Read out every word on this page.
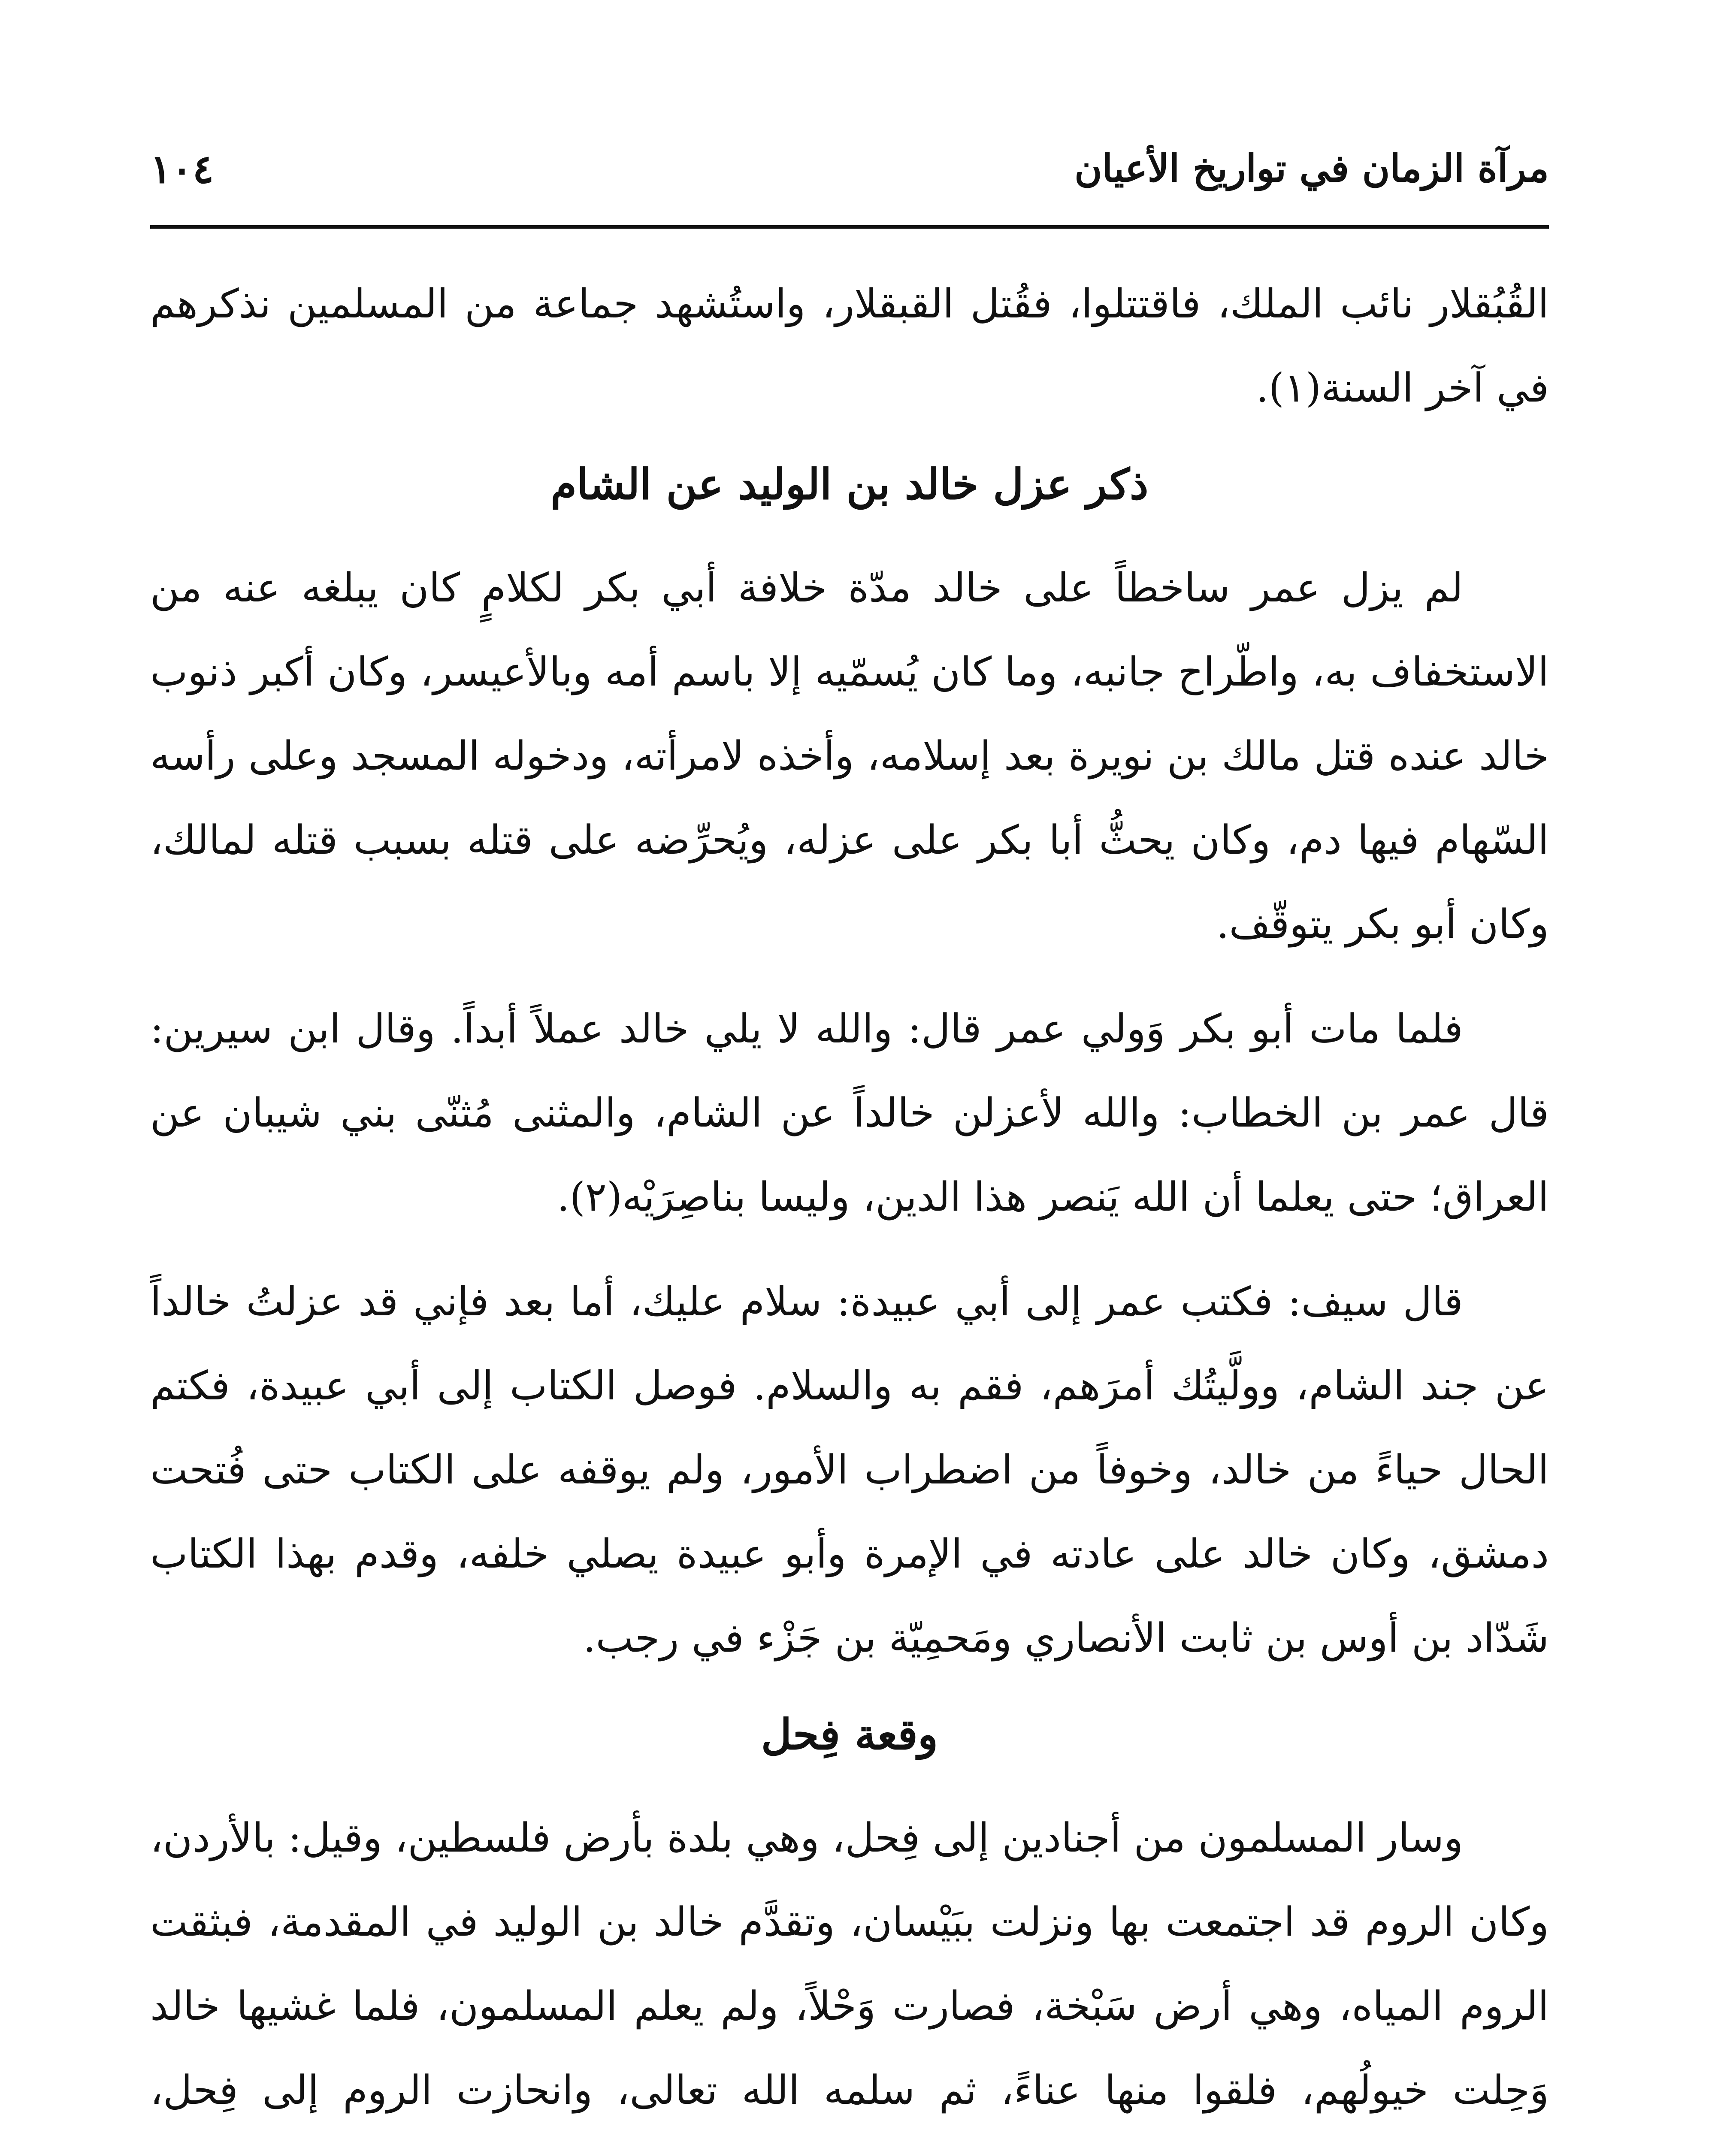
١٠٤	مرآة الزمان في تواريخ الأعيان

القُبُقلار نائب الملك، فاقتتلوا، فقُتل القبقلار، واستُشهد جماعة من المسلمين نذكرهم في آخر السنة(١).

ذكر عزل خالد بن الوليد عن الشام

لم يزل عمر ساخطاً على خالد مدّة خلافة أبي بكر لكلامٍ كان يبلغه عنه من الاستخفاف به، واطّراح جانبه، وما كان يُسمّيه إلا باسم أمه وبالأعيسر، وكان أكبر ذنوب خالد عنده قتل مالك بن نويرة بعد إسلامه، وأخذه لامرأته، ودخوله المسجد وعلى رأسه السّهام فيها دم، وكان يحثُّ أبا بكر على عزله، ويُحرِّضه على قتله بسبب قتله لمالك، وكان أبو بكر يتوقّف.

فلما مات أبو بكر وَولي عمر قال: والله لا يلي خالد عملاً أبداً. وقال ابن سيرين: قال عمر بن الخطاب: والله لأعزلن خالداً عن الشام، والمثنى مُثنّى بني شيبان عن العراق؛ حتى يعلما أن الله يَنصر هذا الدين، وليسا بناصِرَيْه(٢).

قال سيف: فكتب عمر إلى أبي عبيدة: سلام عليك، أما بعد فإني قد عزلتُ خالداً عن جند الشام، وولَّيتُك أمرَهم، فقم به والسلام. فوصل الكتاب إلى أبي عبيدة، فكتم الحال حياءً من خالد، وخوفاً من اضطراب الأمور، ولم يوقفه على الكتاب حتى فُتحت دمشق، وكان خالد على عادته في الإمرة وأبو عبيدة يصلي خلفه، وقدم بهذا الكتاب شَدّاد بن أوس بن ثابت الأنصاري ومَحمِيّة بن جَزْء في رجب.

وقعة فِحل

وسار المسلمون من أجنادين إلى فِحل، وهي بلدة بأرض فلسطين، وقيل: بالأردن، وكان الروم قد اجتمعت بها ونزلت ببَيْسان، وتقدَّم خالد بن الوليد في المقدمة، فبثقت الروم المياه، وهي أرض سَبْخة، فصارت وَحْلاً، ولم يعلم المسلمون، فلما غشيها خالد وَحِلت خيولُهم، فلقوا منها عناءً، ثم سلمه الله تعالى، وانحازت الروم إلى فِحل،
